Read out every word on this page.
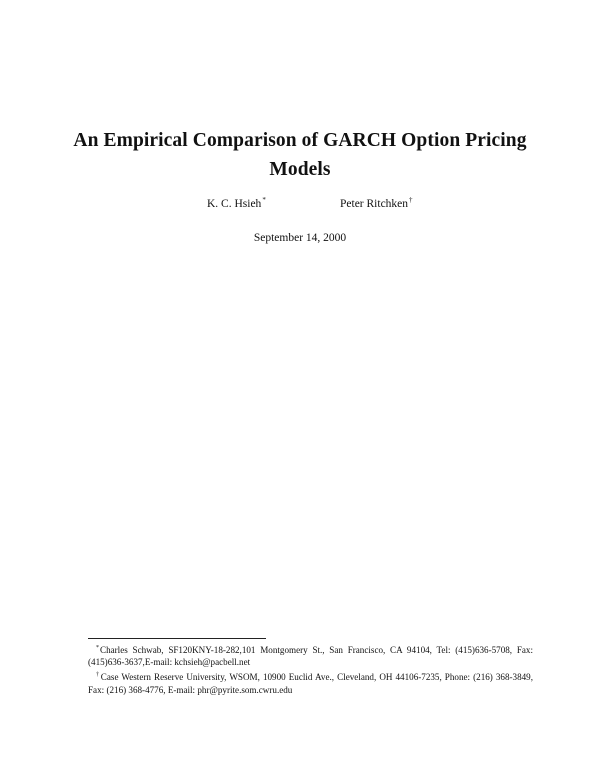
An Empirical Comparison of GARCH Option Pricing Models
K. C. Hsieh*	Peter Ritchken†
September 14, 2000

*Charles Schwab, SF120KNY-18-282,101 Montgomery St., San Francisco, CA 94104, Tel: (415)636-5708, Fax:(415)636-3637,E-mail: kchsieh@pacbell.net

†Case Western Reserve University, WSOM, 10900 Euclid Ave., Cleveland, OH 44106-7235, Phone: (216) 368-3849, Fax: (216) 368-4776, E-mail: phr@pyrite.som.cwru.edu
